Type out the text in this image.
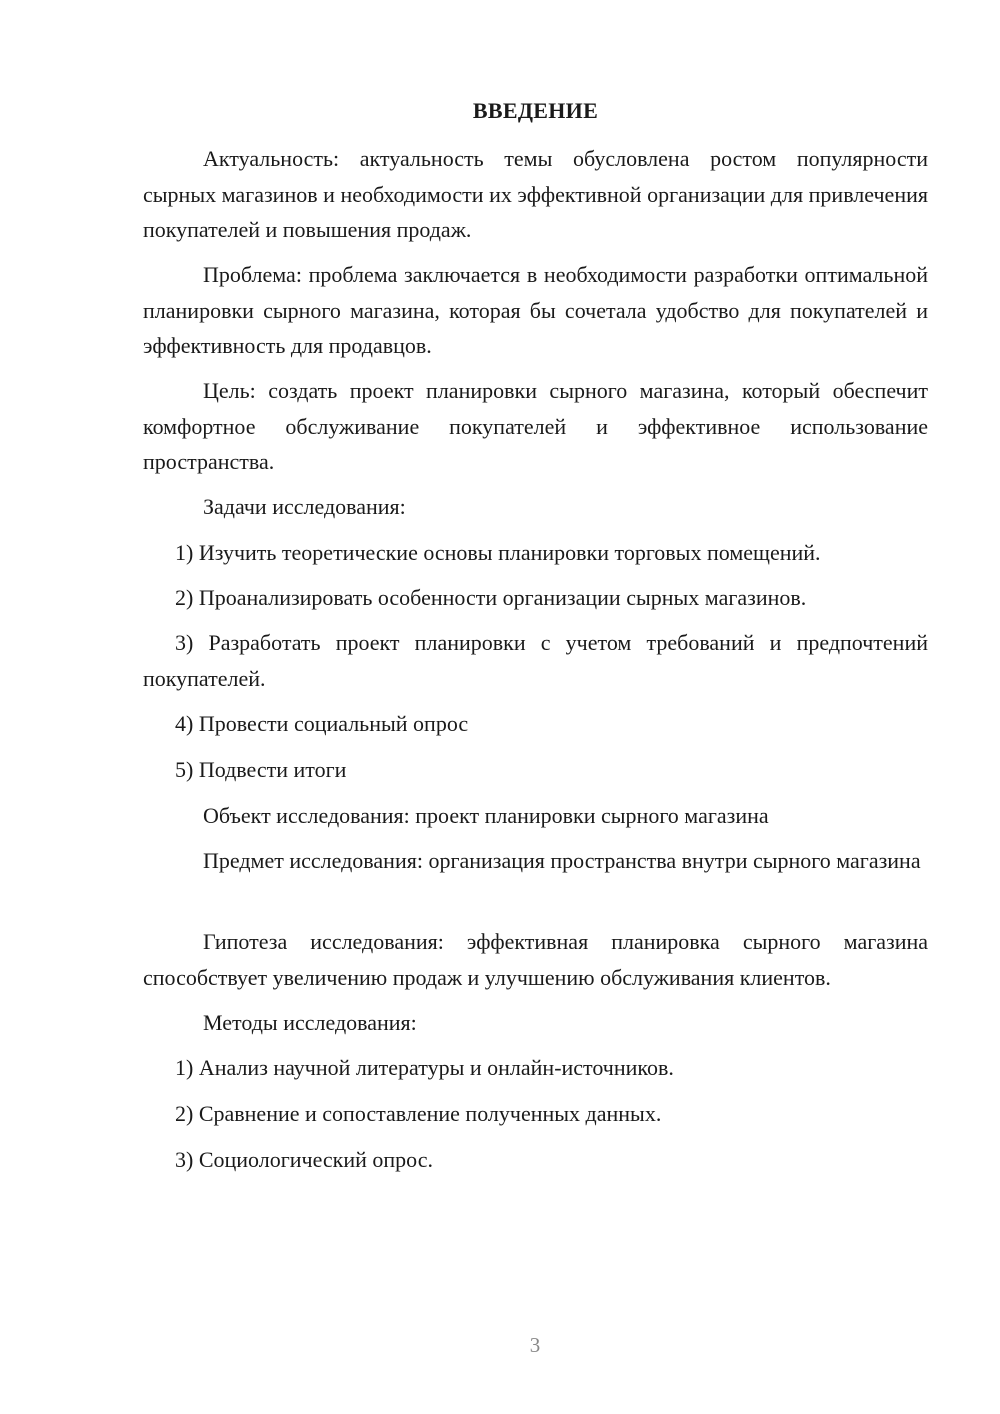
ВВЕДЕНИЕ

Актуальность: актуальность темы обусловлена ростом популярности сырных магазинов и необходимости их эффективной организации для привлечения покупателей и повышения продаж.

Проблема: проблема заключается в необходимости разработки оптимальной планировки сырного магазина, которая бы сочетала удобство для покупателей и эффективность для продавцов.

Цель: создать проект планировки сырного магазина, который обеспечит комфортное обслуживание покупателей и эффективное использование пространства.

Задачи исследования:

1) Изучить теоретические основы планировки торговых помещений.

2) Проанализировать особенности организации сырных магазинов.

3) Разработать проект планировки с учетом требований и предпочтений покупателей.

4) Провести социальный опрос

5) Подвести итоги

Объект исследования: проект планировки сырного магазина

Предмет исследования: организация пространства внутри сырного магазина

Гипотеза исследования: эффективная планировка сырного магазина способствует увеличению продаж и улучшению обслуживания клиентов.

Методы исследования:

1) Анализ научной литературы и онлайн-источников.

2) Сравнение и сопоставление полученных данных.

3) Социологический опрос.

3
